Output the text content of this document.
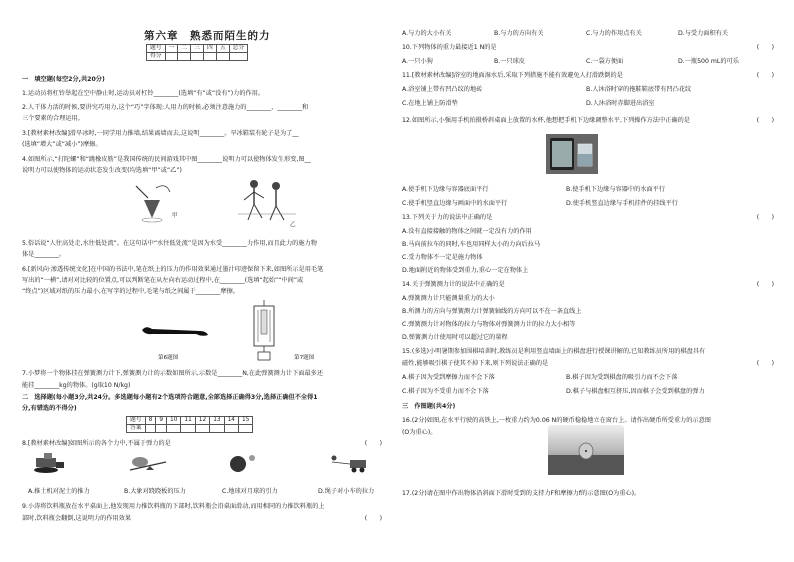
第六章　熟悉而陌生的力
题号	一	二	三	四	五	总分
得分						
一　填空题(每空2分,共20分)
1.运动员将杠铃举起在空中静止时,运动员对杠铃________(选填“有”或“没有”)力的作用。
2.人干体力活的时候,要讲究巧用力,这个“巧”字体现:人用力的时候,必须注意施力的________、________和
三个要素的合理运用。
3.[教材素材改编]滑旱冰时,一同学用力推墙,结果离墙而去,这说明________。旱冰鞋装有轮子是为了__
(选填“增大”或“减小”)摩擦。
4.如图所示,“打陀螺”和“跳橡皮筋”是我国传统的民间游戏其中图________说明力可以使物体发生形变,图__
说明力可以使物体的运动状态发生改变(均选填“甲”或“乙”)
甲
乙
5.俗话说“人往高处走,水往低处流”。在这句话中“水往低处流”是因为水受________力作用,而且此力的施力物
体是________。
6.[新风向·渗透传统文化]在中国的书法中,笔在纸上的压力的作用效果通过墨汁印迹保留下来,如图所示是用毛笔
写出的“一横”,请对对比较的位置点,可以判断笔在从左向右运动过程中,在________(选填“起始”“中间”或
“终点”)区域对纸的压力最小,在写字的过程中,毛笔与纸之间属于________摩擦。
第6题图	第7题图
7.小梦将一个物体挂在弹簧测力计下,弹簧测力计的示数如图所示,示数是________N,在此弹簧测力计下面最多还
能挂________kg的物体。(g取10 N/kg)
二　选择题(每小题3分,共24分。多选题每小题有2个选项符合题意,全部选择正确得3分,选择正确但不全得1
分,有错选的不得分)
题号	8	9	10	11	12	13	14	15
答案								
8.[教材素材改编]如图所示的各个力中,不属于弹力的是	(　　)
A.推土机对泥土的推力	B.大象对跷跷板的压力	C.地球对月球的引力	D.绳子对小车的拉力
9.小涛将饮料瓶放在水平桌面上,他发现用力推饮料瓶的下部时,饮料瓶会沿桌面滑动,而用相同的力推饮料瓶的上
部时,饮料瓶会翻倒,这说明力的作用效果	(　　)
A.与力的大小有关	B.与力的方向有关	C.与力的作用点有关	D.与受力面积有关
10.下列物体的重力最接近1 N的是	(　　)
A.一只小狗	B.一只球皮	C.一袋方便面	D.一瓶500 mL的可乐
11.[教材素材改编]浴室的地面湿水后,采取下列措施不能有效避免人打滑跌倒的是	(　　)
A.浴室铺上带有凹凸纹的地砖	B.人沐浴时穿的拖鞋鞋底带有凹凸花纹
C.在地上铺上防滑垫	D.人沐浴时赤脚进出浴室
12.如图所示,小强用手机拍摄桥斜桌面上放置的水杯,他想把手机下边缘调整水平,下列操作方法中正确的是	(　　)
A.使手机下边缘与容器底面平行	B.使手机下边缘与容器中的水面平行
C.使手机竖直边缘与画面中的水面平行	D.使手机竖直边缘与手机挂件的挂线平行
13.下列关于力的说法中正确的是	(　　)
A.没有直接接触的物体之间就一定没有力的作用
B.马向前拉车的同时,车也用同样大小的力向后拉马
C.受力物体不一定是施力物体
D.地面附近的物体受到重力,重心一定在物体上
14.关于弹簧测力计的说法中正确的是	(　　)
A.弹簧测力计只能测量重力的大小
B.所测力的方向与弹簧测力计弹簧轴线的方向可以不在一条直线上
C.弹簧测力计对物体的拉力与物体对弹簧测力计的拉力大小相等
D.弹簧测力计使用时可以超过它的量程
15.(多选)小明暑期参加围棋培训时,教练员是利用竖直墙面上的棋盘进行授课讲解的,已知教练员所用的棋盘具有
磁性,能够吸引棋子使其不掉下来,则下列说法正确的是	(　　)
A.棋子因为受到摩擦力而不会下落	B.棋子因为受到棋盘的吸引力而不会下落
C.棋子因为不受重力而不会下落	D.棋子与棋盘相互挤压,因而棋子会受到棋盘的弹力
三　作图题(共4分)
16.(2分)如图,在水平行驶的高铁上,一枚重力约为0.06 N的硬币稳稳地立在窗台上。请作出硬币所受重力的示意图
(O为重心)。
17.(2分)请在图中作出物体沿斜面下滑时受到的支持力F和摩擦力f的示意图(O为重心)。
